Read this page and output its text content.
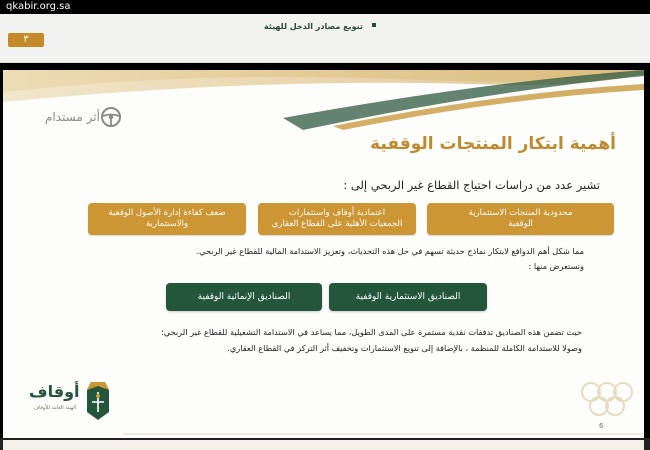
qkabir.org.sa
تنويع مصادر الدخل للهيئة
٣
أثر مستدام
أهمية ابتكار المنتجات الوقفية
تشير عدد من دراسات احتياج القطاع غير الربحي إلى :
محدودية المنتجات الاستثمارية
الوقفية
اعتمادية أوقاف واستثمارات
الجمعيات الأهلية على القطاع العقاري
ضعف كفاءة إدارة الأصول الوقفية
والاستثمارية
مما شكل أهم الدوافع لابتكار نماذج حديثة تسهم في حل هذه التحديات، وتعزيز الاستدامة المالية للقطاع غير الربحي.
ونستعرض منها :
الصناديق الاستثمارية الوقفية
الصناديق الإنمائية الوقفية
حيث تضمن هذه الصناديق تدفقات نقدية مستمرة على المدى الطويل، مما يساعد في الاستدامة التشغيلية للقطاع غير الربحي؛
وصولا للاستدامة الكاملة للمنظمة ، بالإضافة إلى تنويع الاستثمارات وتخفيف أثر التركز في القطاع العقاري.
أوقاف
الهيئة العامة للأوقاف
6
